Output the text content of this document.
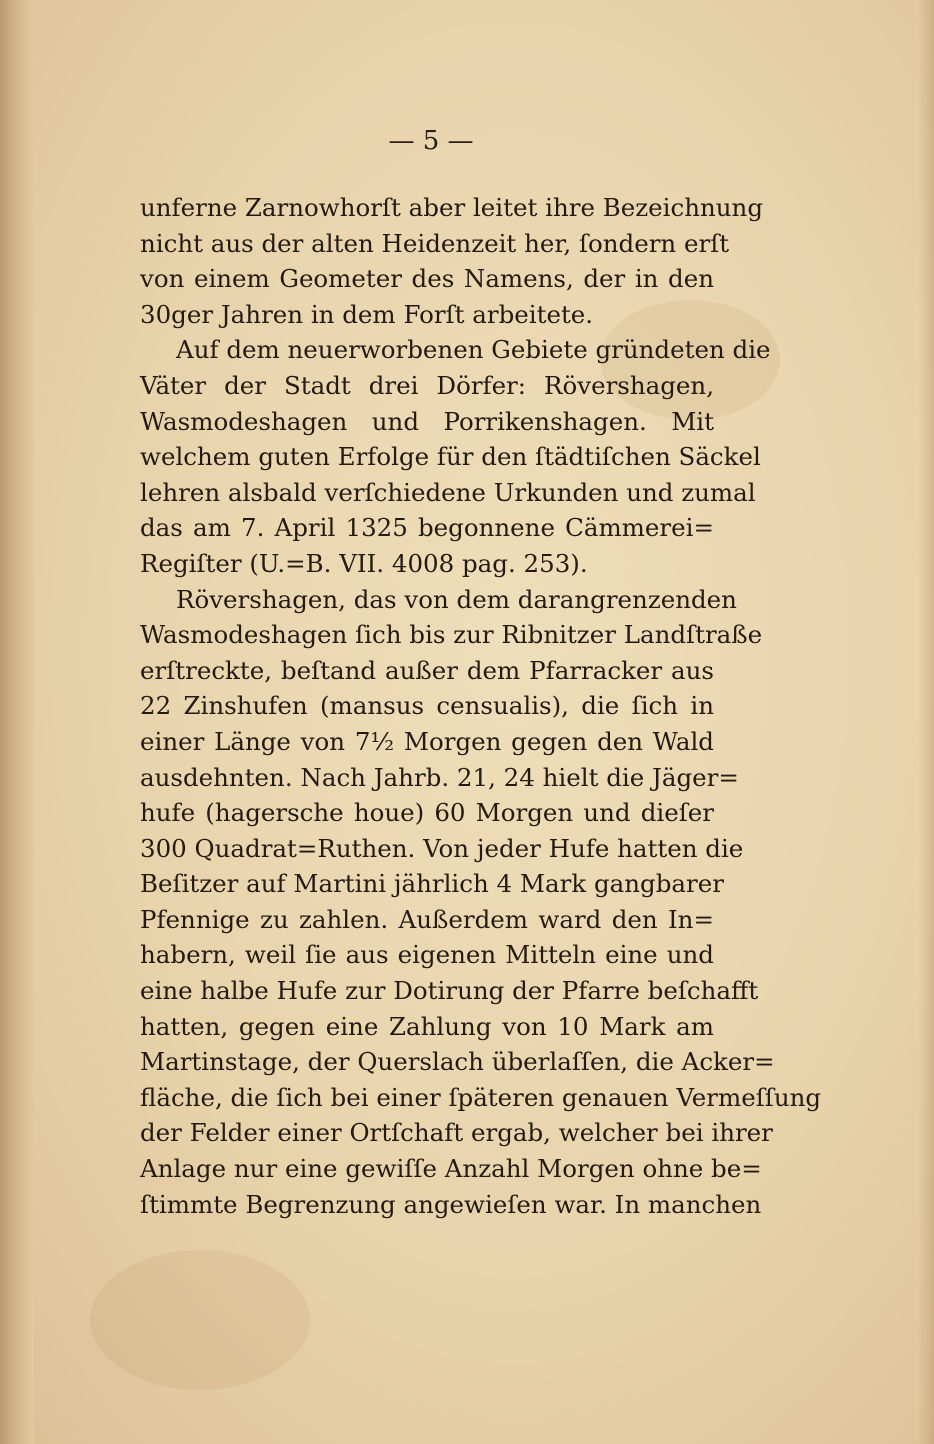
— 5 —
unferne Zarnowhorſt aber leitet ihre Bezeichnung
nicht aus der alten Heidenzeit her, ſondern erſt
von einem Geometer des Namens, der in den
30ger Jahren in dem Forſt arbeitete.
Auf dem neuerworbenen Gebiete gründeten die
Väter der Stadt drei Dörfer: Rövershagen,
Wasmodeshagen und Porrikenshagen. Mit
welchem guten Erfolge für den ſtädtiſchen Säckel
lehren alsbald verſchiedene Urkunden und zumal
das am 7. April 1325 begonnene Cämmerei=
Regiſter (U.=B. VII. 4008 pag. 253).
Rövershagen, das von dem darangrenzenden
Wasmodeshagen ſich bis zur Ribnitzer Landſtraße
erſtreckte, beſtand außer dem Pfarracker aus
22 Zinshufen (mansus censualis), die ſich in
einer Länge von 7½ Morgen gegen den Wald
ausdehnten. Nach Jahrb. 21, 24 hielt die Jäger=
hufe (hagersche houe) 60 Morgen und dieſer
300 Quadrat=Ruthen. Von jeder Hufe hatten die
Beſitzer auf Martini jährlich 4 Mark gangbarer
Pfennige zu zahlen. Außerdem ward den In=
habern, weil ſie aus eigenen Mitteln eine und
eine halbe Hufe zur Dotirung der Pfarre beſchafft
hatten, gegen eine Zahlung von 10 Mark am
Martinstage, der Querslach überlaſſen, die Acker=
fläche, die ſich bei einer ſpäteren genauen Vermeſſung
der Felder einer Ortſchaft ergab, welcher bei ihrer
Anlage nur eine gewiſſe Anzahl Morgen ohne be=
ſtimmte Begrenzung angewieſen war. In manchen
